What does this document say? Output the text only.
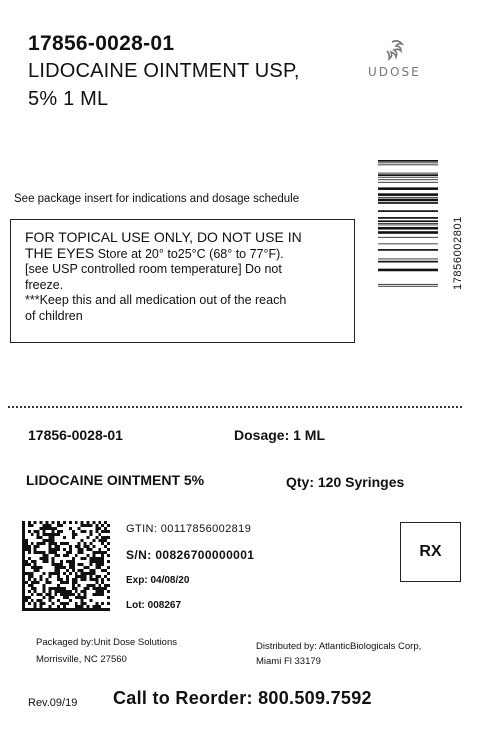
17856-0028-01
LIDOCAINE OINTMENT USP,
5% 1 ML
UDOSE
17856002801
See package insert for indications and dosage schedule
FOR TOPICAL USE ONLY, DO NOT USE IN
THE EYES Store at 20° to25°C (68° to 77°F).
[see USP controlled room temperature] Do not
freeze.
***Keep this and all medication out of the reach
of children
17856-0028-01	Dosage: 1 ML
LIDOCAINE OINTMENT 5%	Qty: 120 Syringes
GTIN: 00117856002819
S/N: 00826700000001
Exp: 04/08/20
Lot: 008267
RX
Packaged by:Unit Dose Solutions
Morrisville, NC 27560
Distributed by: AtlanticBiologicals Corp,
Miami Fl 33179
Rev.09/19 Call to Reorder: 800.509.7592
